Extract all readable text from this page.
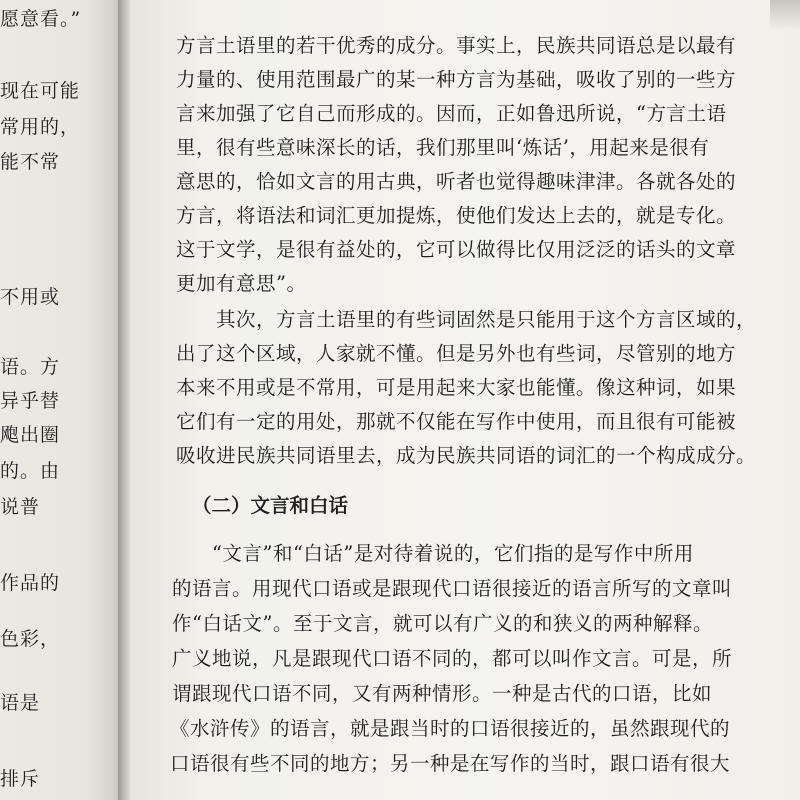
愿意看。”
现在可能
常用的，
能不常
不用或
语。方
异乎替
飑出圈
的。由
说普
作品的
色彩，
语是
排斥
方言土语里的若干优秀的成分。事实上，民族共同语总是以最有
力量的、使用范围最广的某一种方言为基础，吸收了别的一些方
言来加强了它自己而形成的。因而，正如鲁迅所说，“方言土语
里，很有些意味深长的话，我们那里叫‘炼话’，用起来是很有
意思的，恰如文言的用古典，听者也觉得趣味津津。各就各处的
方言，将语法和词汇更加提炼，使他们发达上去的，就是专化。
这于文学，是很有益处的，它可以做得比仅用泛泛的话头的文章
更加有意思”。
其次，方言土语里的有些词固然是只能用于这个方言区域的，
出了这个区域，人家就不懂。但是另外也有些词，尽管别的地方
本来不用或是不常用，可是用起来大家也能懂。像这种词，如果
它们有一定的用处，那就不仅能在写作中使用，而且很有可能被
吸收进民族共同语里去，成为民族共同语的词汇的一个构成成分。
（二）文言和白话
“文言”和“白话”是对待着说的，它们指的是写作中所用
的语言。用现代口语或是跟现代口语很接近的语言所写的文章叫
作“白话文”。至于文言，就可以有广义的和狭义的两种解释。
广义地说，凡是跟现代口语不同的，都可以叫作文言。可是，所
谓跟现代口语不同，又有两种情形。一种是古代的口语，比如
《水浒传》的语言，就是跟当时的口语很接近的，虽然跟现代的
口语很有些不同的地方；另一种是在写作的当时，跟口语有很大
